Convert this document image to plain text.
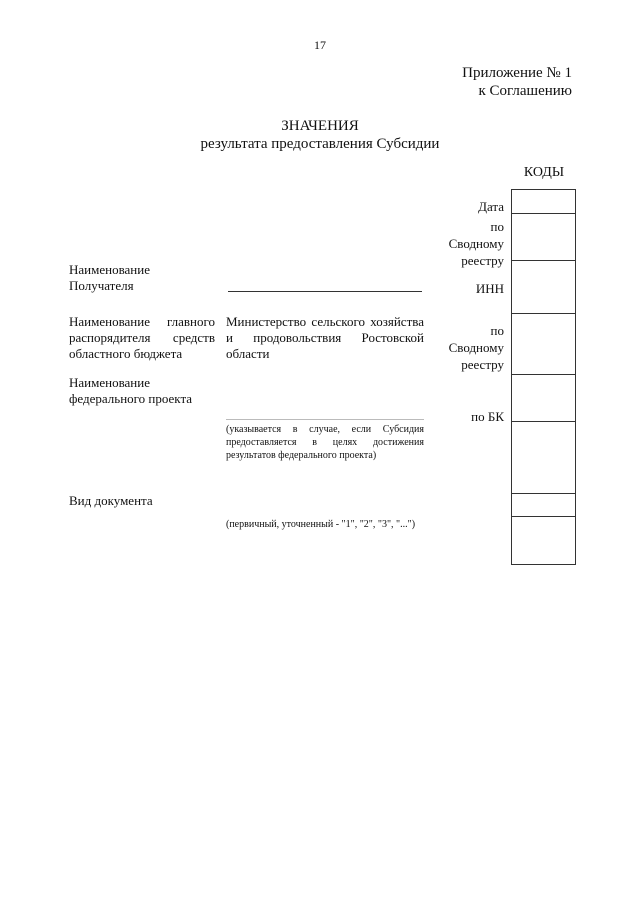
17
Приложение № 1
к Соглашению
ЗНАЧЕНИЯ
результата предоставления Субсидии
КОДЫ
Дата
по Сводному реестру
ИНН
по Сводному реестру
по БК
Наименование Получателя
Наименование главного распорядителя средств областного бюджета
Министерство сельского хозяйства и продовольствия Ростовской области
Наименование федерального проекта
(указывается в случае, если Субсидия предоставляется в целях достижения результатов федерального проекта)
Вид документа
(первичный, уточненный - "1", "2", "3", "...")
